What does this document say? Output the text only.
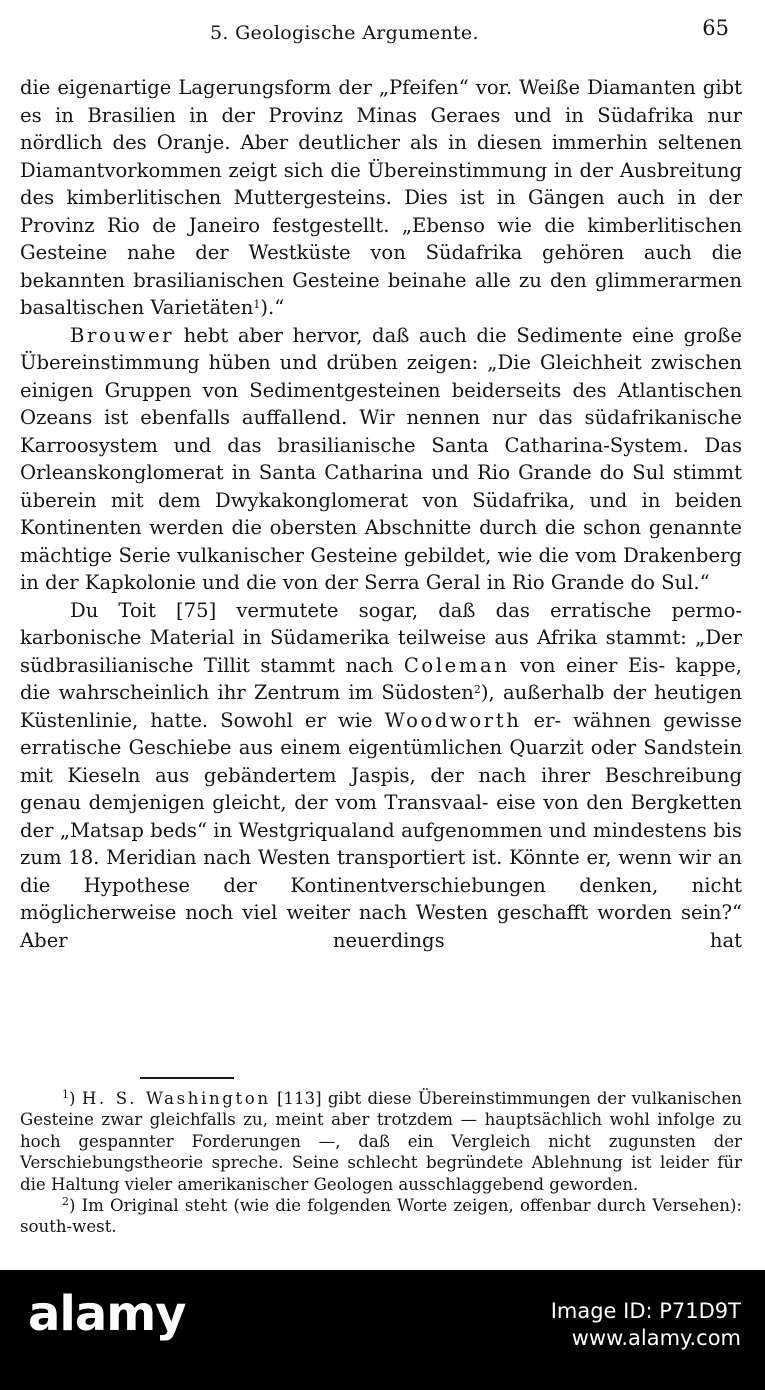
5. Geologische Argumente.	65

die eigenartige Lagerungsform der „Pfeifen“ vor. Weiße Diamanten gibt es in Brasilien in der Provinz Minas Geraes und in Südafrika nur nördlich des Oranje. Aber deutlicher als in diesen immerhin seltenen Diamantvorkommen zeigt sich die Übereinstimmung in der Ausbreitung des kimberlitischen Muttergesteins. Dies ist in Gängen auch in der Provinz Rio de Janeiro festgestellt. „Ebenso wie die kimberlitischen Gesteine nahe der Westküste von Südafrika gehören auch die bekannten brasilianischen Gesteine beinahe alle zu den glimmerarmen basaltischen Varietäten$^1$).“

Brouwer hebt aber hervor, daß auch die Sedimente eine große Übereinstimmung hüben und drüben zeigen: „Die Gleichheit zwischen einigen Gruppen von Sedimentgesteinen beiderseits des Atlantischen Ozeans ist ebenfalls auffallend. Wir nennen nur das südafrikanische Karroosystem und das brasilianische Santa Catharina-System. Das Orleanskonglomerat in Santa Catharina und Rio Grande do Sul stimmt überein mit dem Dwykakonglomerat von Südafrika, und in beiden Kontinenten werden die obersten Abschnitte durch die schon genannte mächtige Serie vulkanischer Gesteine gebildet, wie die vom Drakenberg in der Kapkolonie und die von der Serra Geral in Rio Grande do Sul.“

Du Toit [75] vermutete sogar, daß das erratische permo- karbonische Material in Südamerika teilweise aus Afrika stammt: „Der südbrasilianische Tillit stammt nach Coleman von einer Eis- kappe, die wahrscheinlich ihr Zentrum im Südosten$^2$), außerhalb der heutigen Küstenlinie, hatte. Sowohl er wie Woodworth er- wähnen gewisse erratische Geschiebe aus einem eigentümlichen Quarzit oder Sandstein mit Kieseln aus gebändertem Jaspis, der nach ihrer Beschreibung genau demjenigen gleicht, der vom Transvaal- eise von den Bergketten der „Matsap beds“ in Westgriqualand aufgenommen und mindestens bis zum 18. Meridian nach Westen transportiert ist. Könnte er, wenn wir an die Hypothese der Kontinentverschiebungen denken, nicht möglicherweise noch viel weiter nach Westen geschafft worden sein?“ Aber neuerdings hat

$^1$) H. S. Washington [113] gibt diese Übereinstimmungen der vulkanischen Gesteine zwar gleichfalls zu, meint aber trotzdem — hauptsächlich wohl infolge zu hoch gespannter Forderungen —, daß ein Vergleich nicht zugunsten der Verschiebungstheorie spreche. Seine schlecht begründete Ablehnung ist leider für die Haltung vieler amerikanischer Geologen ausschlaggebend geworden.

$^2$) Im Original steht (wie die folgenden Worte zeigen, offenbar durch Versehen): south-west.

alamy	Image ID: P71D9T
www.alamy.com
